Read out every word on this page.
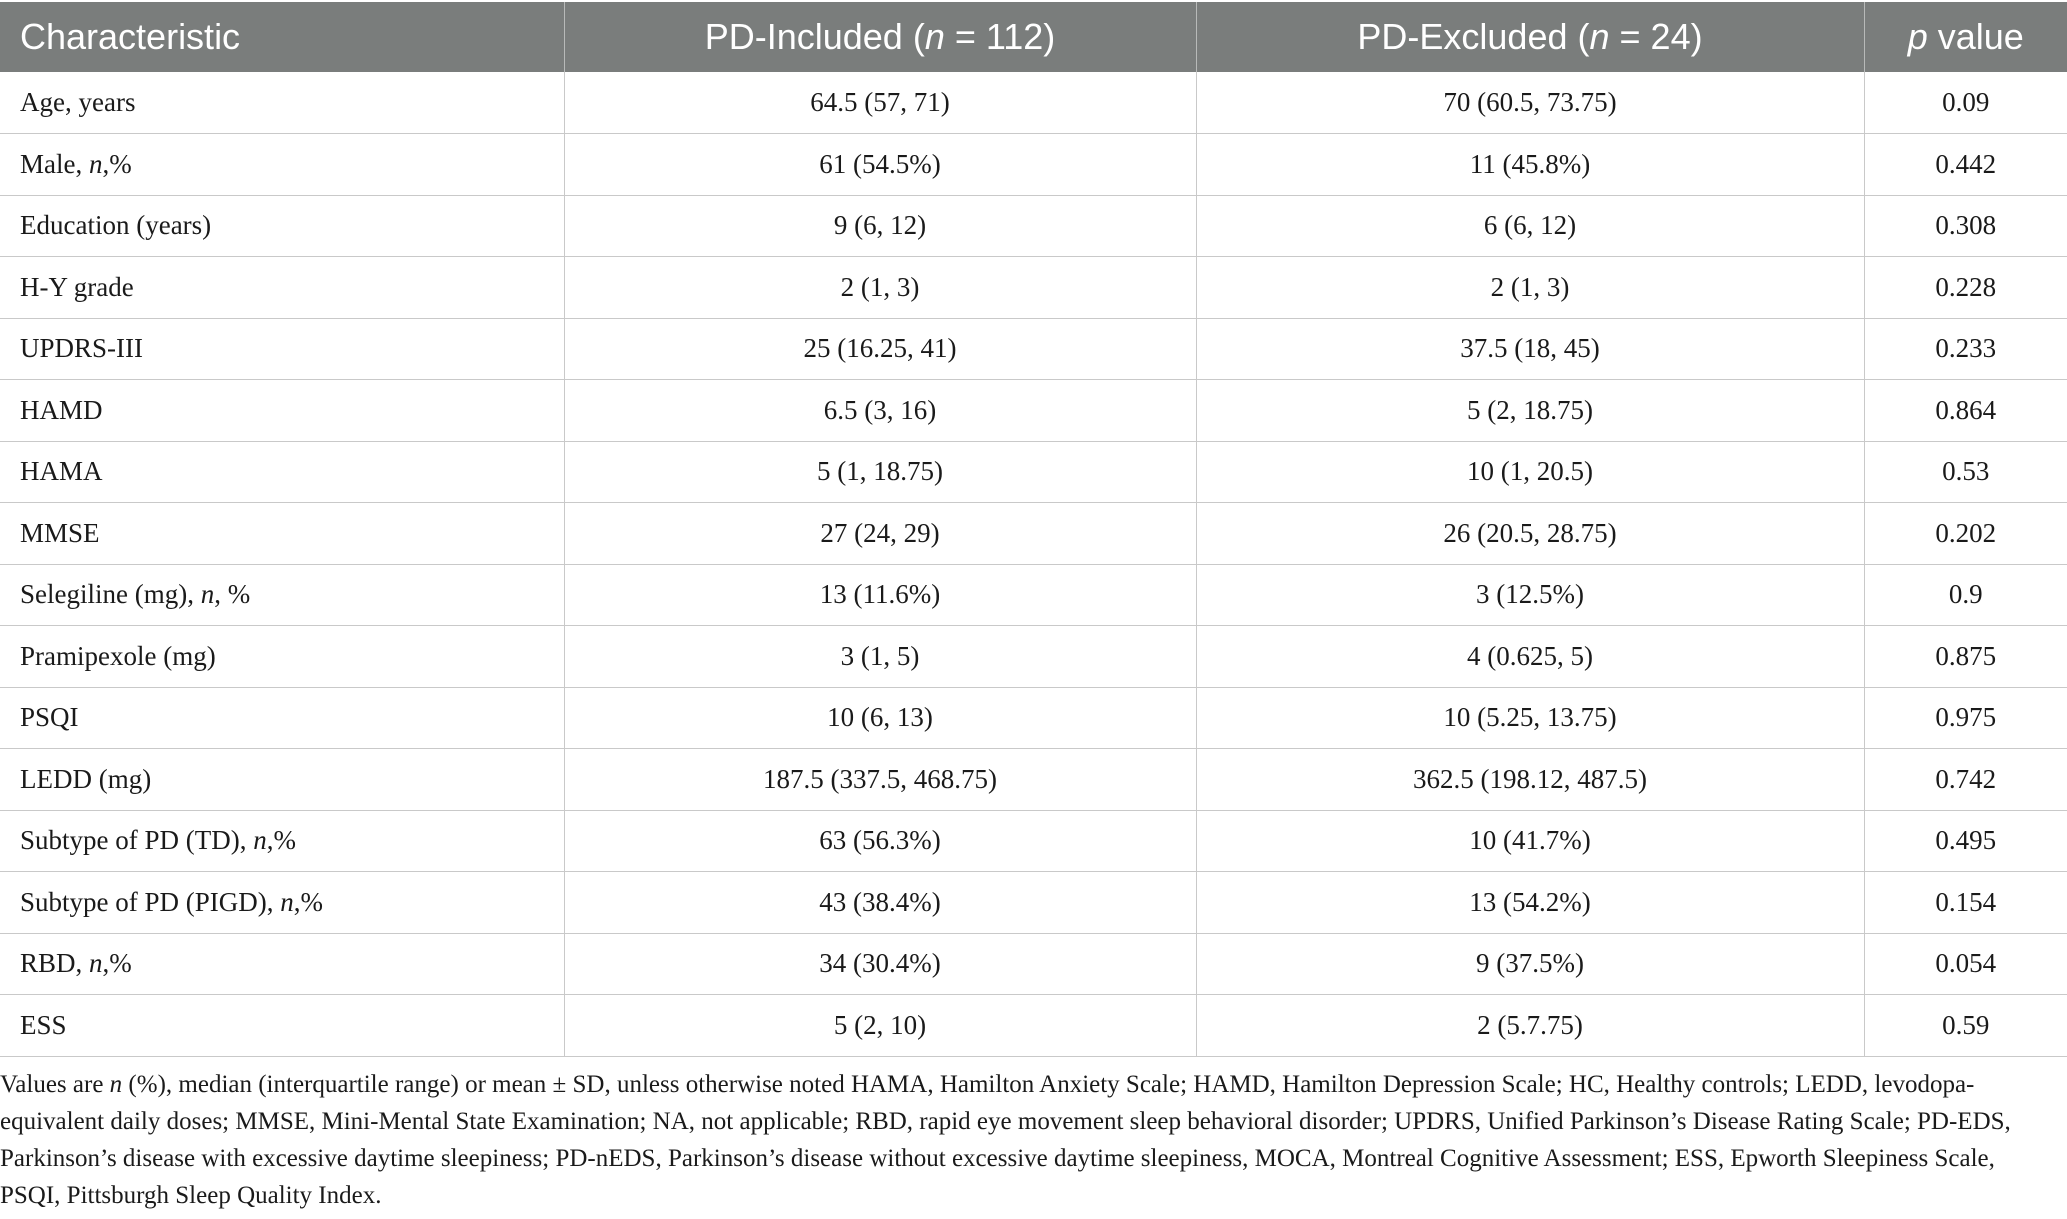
Characteristic	PD-Included (n = 112)	PD-Excluded (n = 24)	p value
Age, years	64.5 (57, 71)	70 (60.5, 73.75)	0.09
Male, n,%	61 (54.5%)	11 (45.8%)	0.442
Education (years)	9 (6, 12)	6 (6, 12)	0.308
H-Y grade	2 (1, 3)	2 (1, 3)	0.228
UPDRS-III	25 (16.25, 41)	37.5 (18, 45)	0.233
HAMD	6.5 (3, 16)	5 (2, 18.75)	0.864
HAMA	5 (1, 18.75)	10 (1, 20.5)	0.53
MMSE	27 (24, 29)	26 (20.5, 28.75)	0.202
Selegiline (mg), n, %	13 (11.6%)	3 (12.5%)	0.9
Pramipexole (mg)	3 (1, 5)	4 (0.625, 5)	0.875
PSQI	10 (6, 13)	10 (5.25, 13.75)	0.975
LEDD (mg)	187.5 (337.5, 468.75)	362.5 (198.12, 487.5)	0.742
Subtype of PD (TD), n,%	63 (56.3%)	10 (41.7%)	0.495
Subtype of PD (PIGD), n,%	43 (38.4%)	13 (54.2%)	0.154
RBD, n,%	34 (30.4%)	9 (37.5%)	0.054
ESS	5 (2, 10)	2 (5.7.75)	0.59

Values are n (%), median (interquartile range) or mean ± SD, unless otherwise noted HAMA, Hamilton Anxiety Scale; HAMD, Hamilton Depression Scale; HC, Healthy controls; LEDD, levodopa-equivalent daily doses; MMSE, Mini-Mental State Examination; NA, not applicable; RBD, rapid eye movement sleep behavioral disorder; UPDRS, Unified Parkinson’s Disease Rating Scale; PD-EDS, Parkinson’s disease with excessive daytime sleepiness; PD-nEDS, Parkinson’s disease without excessive daytime sleepiness, MOCA, Montreal Cognitive Assessment; ESS, Epworth Sleepiness Scale, PSQI, Pittsburgh Sleep Quality Index.
